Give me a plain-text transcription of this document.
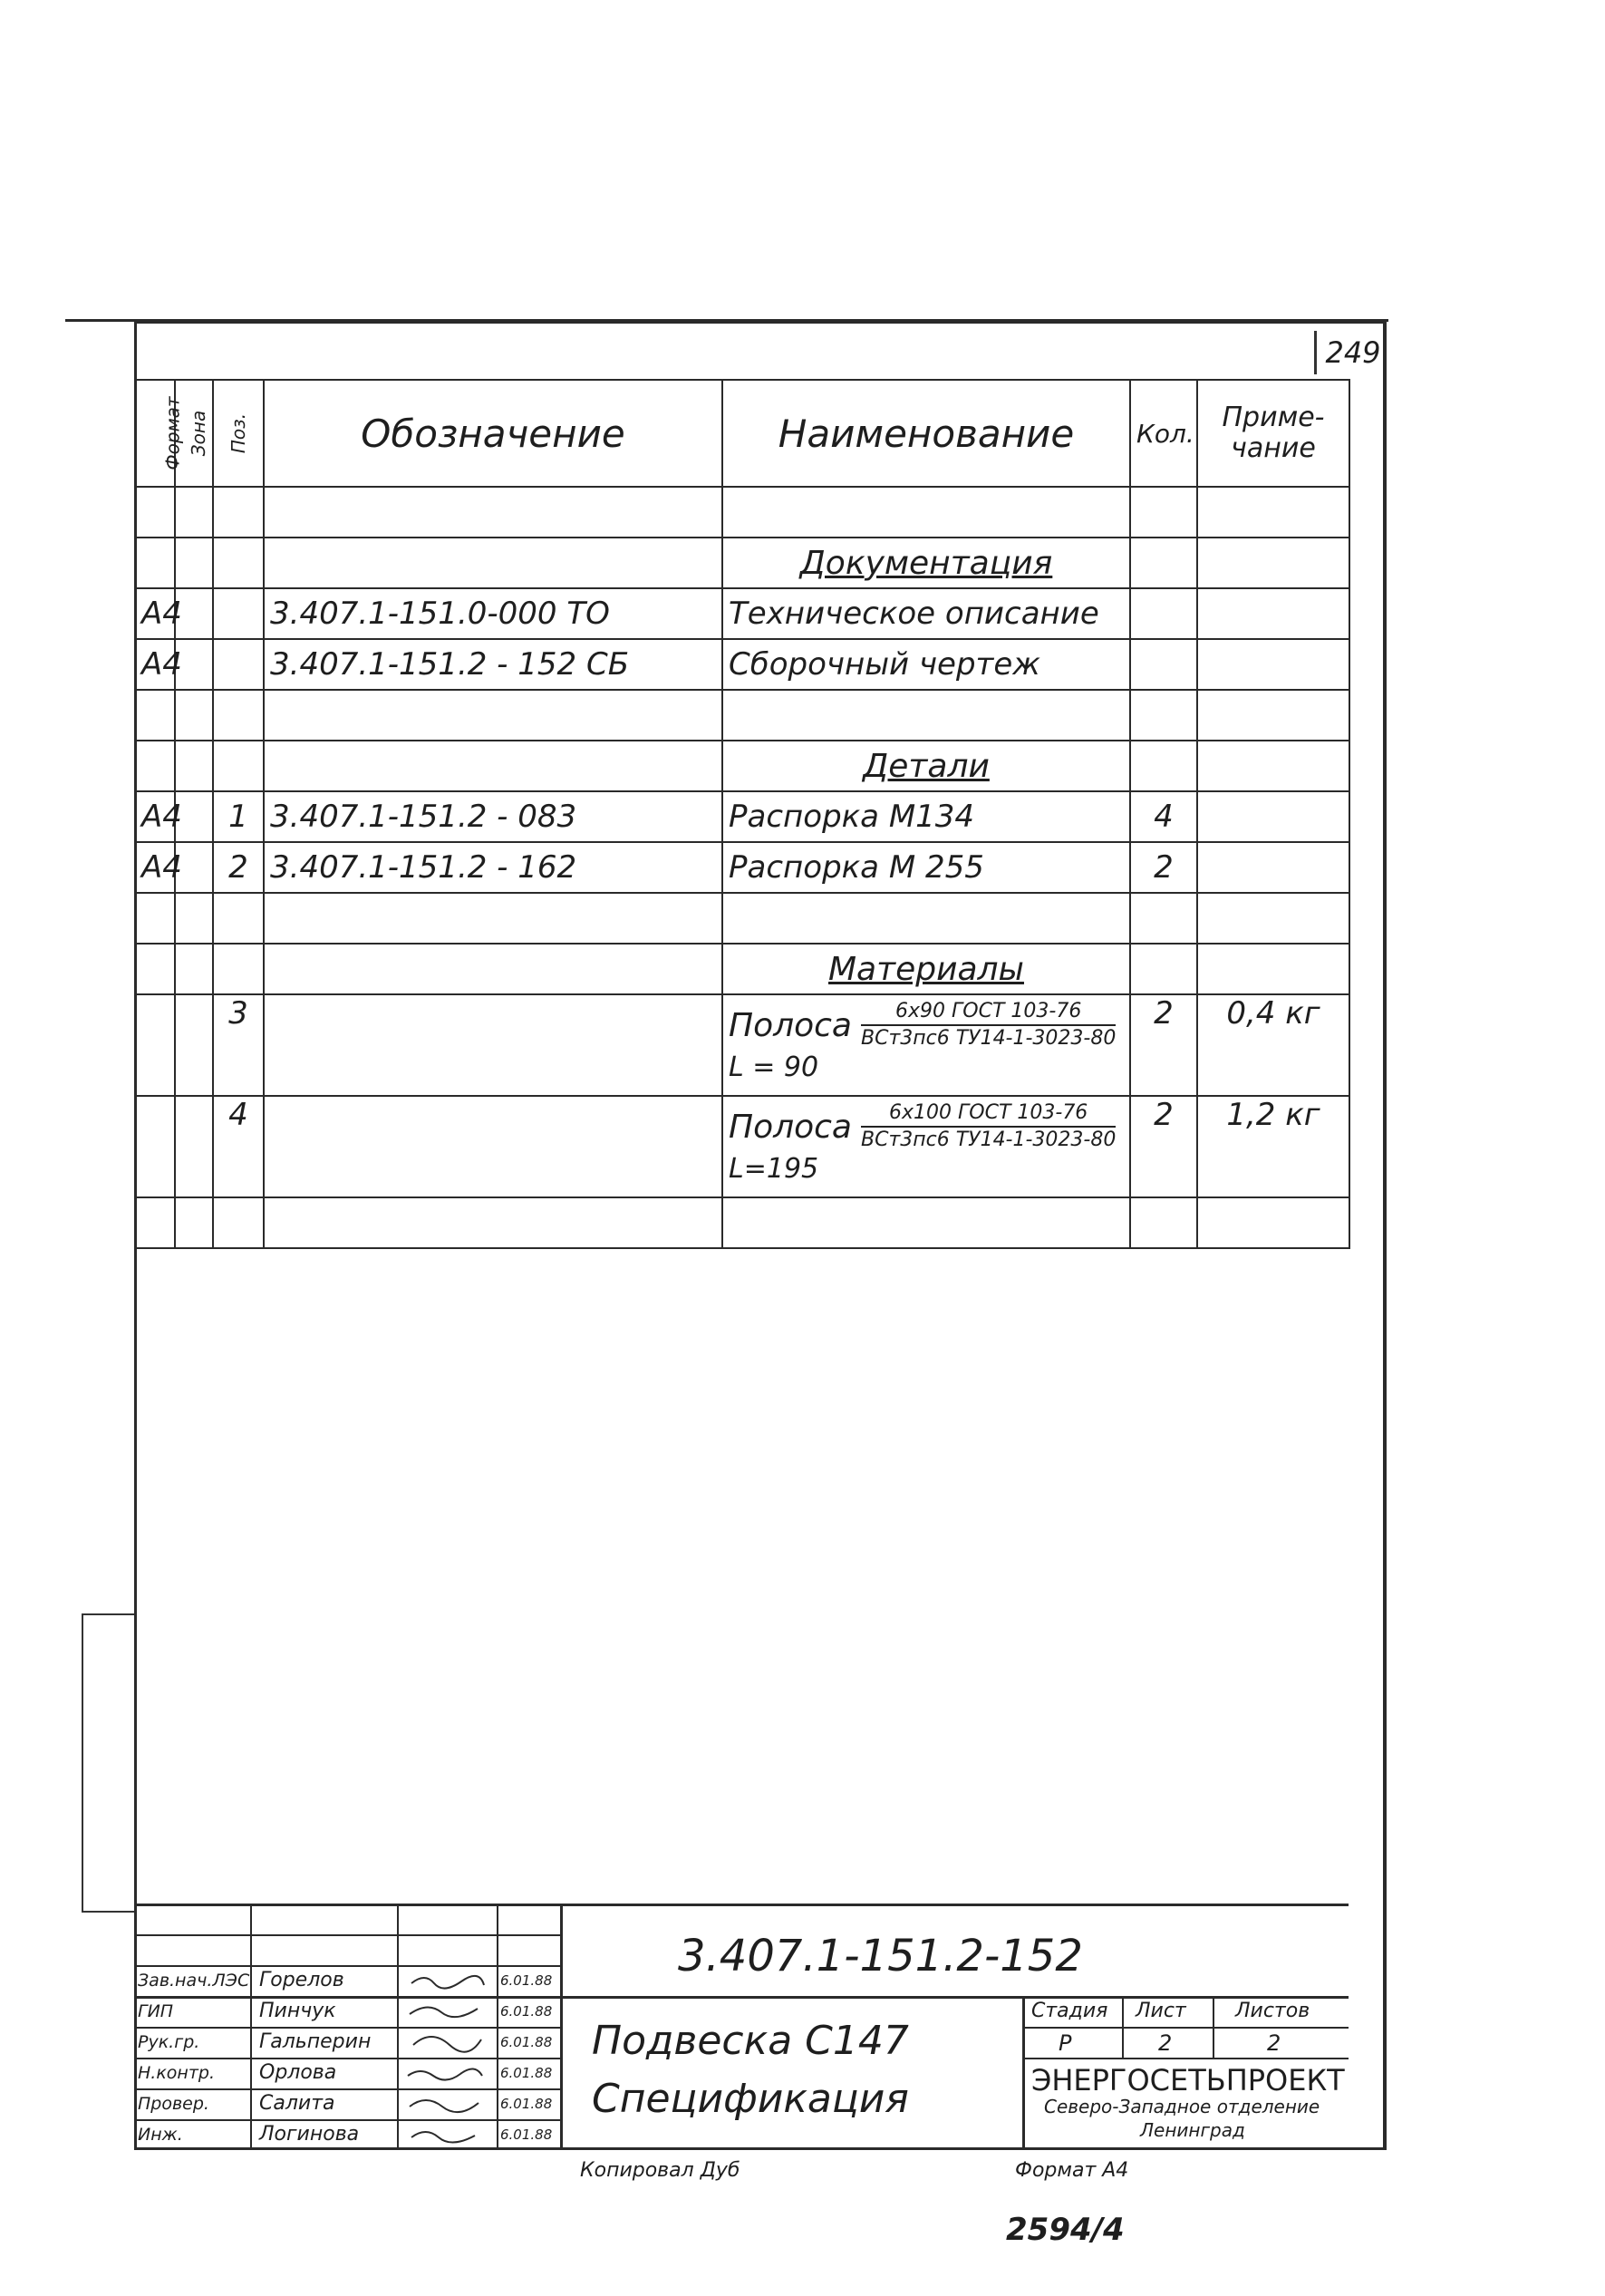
249
Формат	Зона	Поз.	Обозначение	Наименование	Кол.	Приме-
чание

				Документация		
А4			3.407.1-151.0-000 ТО	Техническое описание		
А4			3.407.1-151.2 - 152 СБ	Сборочный чертеж		

				Детали		
А4		1	3.407.1-151.2 - 083	Распорка М134	4	
А4		2	3.407.1-151.2 - 162	Распорка М 255	2	

				Материалы		
		3		Полоса $\frac{\text{6х90 ГОСТ 103-76}}{\text{ВСт3пс6 ТУ14-1-3023-80}}$
L = 90	2	0,4 кг
		4		Полоса $\frac{\text{6х100 ГОСТ 103-76}}{\text{ВСт3пс6 ТУ14-1-3023-80}}$
L=195	2	1,2 кг

3.407.1-151.2-152
Подвеска С147
Спецификация
Стадия Лист Листов
Р	2	2
ЭНЕРГОСЕТЬПРОЕКТ
Северо-Западное отделение
Ленинград
Зав.нач.ЛЭС Горелов	6.01.88
ГИП	Пинчук	6.01.88
Рук.гр.	Гальперин	6.01.88
Н.контр. Орлова	6.01.88
Провер.	Салита	6.01.88
Инж.	Логинова	6.01.88
Копировал Дуб	Формат А4
2594/4
